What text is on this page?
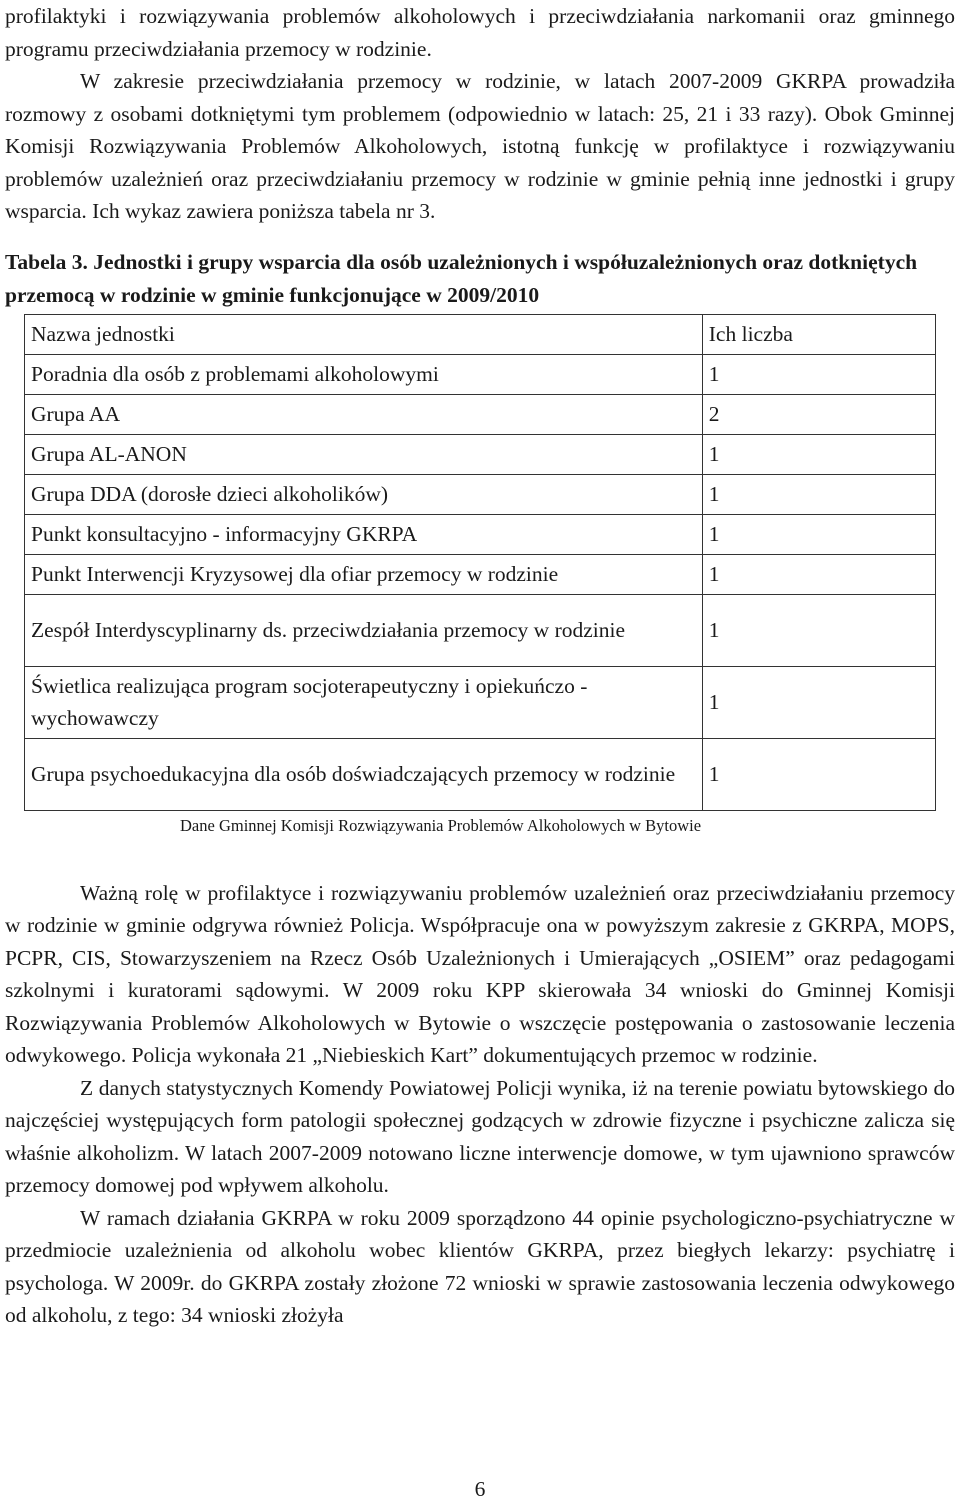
profilaktyki i rozwiązywania problemów alkoholowych i przeciwdziałania narkomanii oraz gminnego programu przeciwdziałania przemocy w rodzinie.

W zakresie przeciwdziałania przemocy w rodzinie, w latach 2007-2009 GKRPA prowadziła rozmowy z osobami dotkniętymi tym problemem (odpowiednio w latach: 25, 21 i 33 razy). Obok Gminnej Komisji Rozwiązywania Problemów Alkoholowych, istotną funkcję w profilaktyce i rozwiązywaniu problemów uzależnień oraz przeciwdziałaniu przemocy w rodzinie w gminie pełnią inne jednostki i grupy wsparcia. Ich wykaz zawiera poniższa tabela nr 3.

Tabela 3. Jednostki i grupy wsparcia dla osób uzależnionych i współuzależnionych oraz dotkniętych przemocą w rodzinie w gminie funkcjonujące w 2009/2010

Nazwa jednostki	Ich liczba
Poradnia dla osób z problemami alkoholowymi	1
Grupa AA	2
Grupa AL-ANON	1
Grupa DDA (dorosłe dzieci alkoholików)	1
Punkt konsultacyjno - informacyjny GKRPA	1
Punkt Interwencji Kryzysowej dla ofiar przemocy w rodzinie	1
Zespół Interdyscyplinarny ds. przeciwdziałania przemocy w rodzinie	1
Świetlica realizująca program socjoterapeutyczny i opiekuńczo - wychowawczy	1
Grupa psychoedukacyjna dla osób doświadczających przemocy w rodzinie	1
Dane Gminnej Komisji Rozwiązywania Problemów Alkoholowych w Bytowie

Ważną rolę w profilaktyce i rozwiązywaniu problemów uzależnień oraz przeciwdziałaniu przemocy w rodzinie w gminie odgrywa również Policja. Współpracuje ona w powyższym zakresie z GKRPA, MOPS, PCPR, CIS, Stowarzyszeniem na Rzecz Osób Uzależnionych i Umierających „OSIEM” oraz pedagogami szkolnymi i kuratorami sądowymi. W 2009 roku KPP skierowała 34 wnioski do Gminnej Komisji Rozwiązywania Problemów Alkoholowych w Bytowie o wszczęcie postępowania o zastosowanie leczenia odwykowego. Policja wykonała 21 „Niebieskich Kart” dokumentujących przemoc w rodzinie.

Z danych statystycznych Komendy Powiatowej Policji wynika, iż na terenie powiatu bytowskiego do najczęściej występujących form patologii społecznej godzących w zdrowie fizyczne i psychiczne zalicza się właśnie alkoholizm. W latach 2007-2009 notowano liczne interwencje domowe, w tym ujawniono sprawców przemocy domowej pod wpływem alkoholu.

W ramach działania GKRPA w roku 2009 sporządzono 44 opinie psychologiczno-psychiatryczne w przedmiocie uzależnienia od alkoholu wobec klientów GKRPA, przez biegłych lekarzy: psychiatrę i psychologa. W 2009r. do GKRPA zostały złożone 72 wnioski w sprawie zastosowania leczenia odwykowego od alkoholu, z tego: 34 wnioski złożyła

6
